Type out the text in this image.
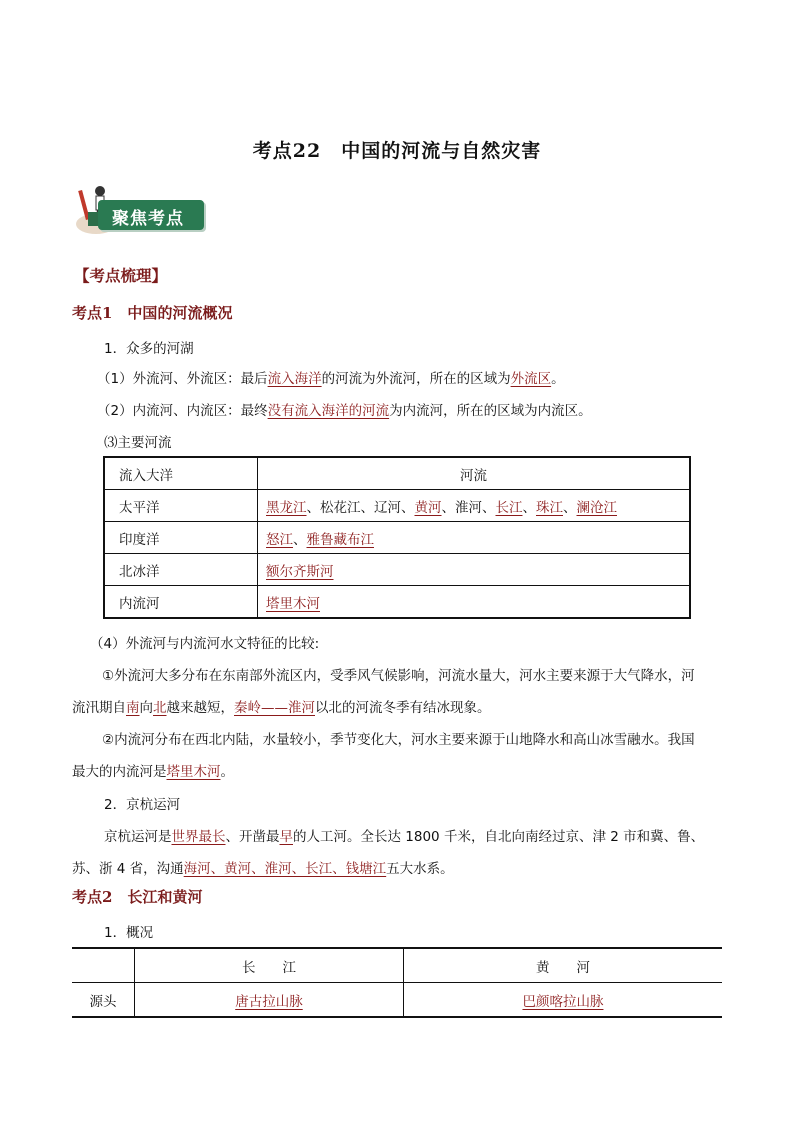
考点22　中国的河流与自然灾害
聚焦考点
【考点梳理】
考点1　中国的河流概况
1．众多的河湖
（1）外流河、外流区：最后流入海洋的河流为外流河，所在的区域为外流区。
（2）内流河、内流区：最终没有流入海洋的河流为内流河，所在的区域为内流区。
⑶主要河流
流入大洋	河流
太平洋	黑龙江、松花江、辽河、黄河、淮河、长江、珠江、澜沧江
印度洋	怒江、雅鲁藏布江
北冰洋	额尔齐斯河
内流河	塔里木河
（4）外流河与内流河水文特征的比较:
①外流河大多分布在东南部外流区内，受季风气候影响，河流水量大，河水主要来源于大气降水，河
流汛期自南向北越来越短，秦岭——淮河以北的河流冬季有结冰现象。
②内流河分布在西北内陆，水量较小，季节变化大，河水主要来源于山地降水和高山冰雪融水。我国
最大的内流河是塔里木河。
2．京杭运河
京杭运河是世界最长、开凿最早的人工河。全长达 1800 千米，自北向南经过京、津 2 市和冀、鲁、
苏、浙 4 省，沟通海河、黄河、淮河、长江、钱塘江五大水系。
考点2　长江和黄河
1．概况
	长　　江	黄　　河
源头	唐古拉山脉	巴颜喀拉山脉
